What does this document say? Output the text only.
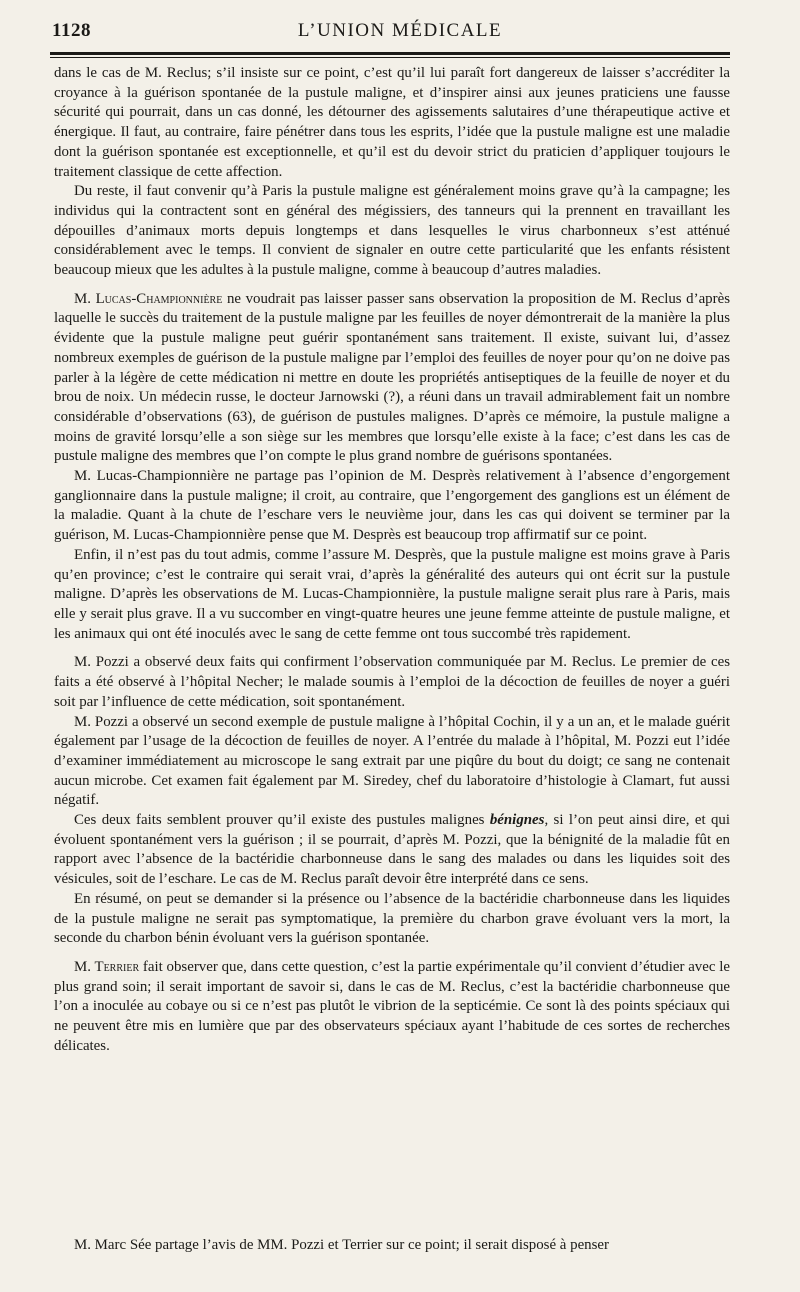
1128	L’UNION MÉDICALE

dans le cas de M. Reclus; s’il insiste sur ce point, c’est qu’il lui paraît fort dangereux de laisser s’accréditer la croyance à la guérison spontanée de la pustule maligne, et d’inspirer ainsi aux jeunes praticiens une fausse sécurité qui pourrait, dans un cas donné, les détourner des agissements salutaires d’une thérapeutique active et énergique. Il faut, au contraire, faire pénétrer dans tous les esprits, l’idée que la pustule maligne est une maladie dont la guérison spontanée est exceptionnelle, et qu’il est du devoir strict du praticien d’appliquer toujours le traitement classique de cette affection.

Du reste, il faut convenir qu’à Paris la pustule maligne est généralement moins grave qu’à la campagne; les individus qui la contractent sont en général des mégissiers, des tanneurs qui la prennent en travaillant les dépouilles d’animaux morts depuis longtemps et dans lesquelles le virus charbonneux s’est atténué considérablement avec le temps. Il convient de signaler en outre cette particularité que les enfants résistent beaucoup mieux que les adultes à la pustule maligne, comme à beaucoup d’autres maladies.

M. Lucas-Championnière ne voudrait pas laisser passer sans observation la proposition de M. Reclus d’après laquelle le succès du traitement de la pustule maligne par les feuilles de noyer démontrerait de la manière la plus évidente que la pustule maligne peut guérir spontanément sans traitement. Il existe, suivant lui, d’assez nombreux exemples de guérison de la pustule maligne par l’emploi des feuilles de noyer pour qu’on ne doive pas parler à la légère de cette médication ni mettre en doute les propriétés antiseptiques de la feuille de noyer et du brou de noix. Un médecin russe, le docteur Jarnowski (?), a réuni dans un travail admirablement fait un nombre considérable d’observations (63), de guérison de pustules malignes. D’après ce mémoire, la pustule maligne a moins de gravité lorsqu’elle a son siège sur les membres que lorsqu’elle existe à la face; c’est dans les cas de pustule maligne des membres que l’on compte le plus grand nombre de guérisons spontanées.

M. Lucas-Championnière ne partage pas l’opinion de M. Desprès relativement à l’absence d’engorgement ganglionnaire dans la pustule maligne; il croit, au contraire, que l’engorgement des ganglions est un élément de la maladie. Quant à la chute de l’eschare vers le neuvième jour, dans les cas qui doivent se terminer par la guérison, M. Lucas-Championnière pense que M. Desprès est beaucoup trop affirmatif sur ce point.

Enfin, il n’est pas du tout admis, comme l’assure M. Desprès, que la pustule maligne est moins grave à Paris qu’en province; c’est le contraire qui serait vrai, d’après la généralité des auteurs qui ont écrit sur la pustule maligne. D’après les observations de M. Lucas-Championnière, la pustule maligne serait plus rare à Paris, mais elle y serait plus grave. Il a vu succomber en vingt-quatre heures une jeune femme atteinte de pustule maligne, et les animaux qui ont été inoculés avec le sang de cette femme ont tous succombé très rapidement.

M. Pozzi a observé deux faits qui confirment l’observation communiquée par M. Reclus. Le premier de ces faits a été observé à l’hôpital Necher; le malade soumis à l’emploi de la décoction de feuilles de noyer a guéri soit par l’influence de cette médication, soit spontanément.

M. Pozzi a observé un second exemple de pustule maligne à l’hôpital Cochin, il y a un an, et le malade guérit également par l’usage de la décoction de feuilles de noyer. A l’entrée du malade à l’hôpital, M. Pozzi eut l’idée d’examiner immédiatement au microscope le sang extrait par une piqûre du bout du doigt; ce sang ne contenait aucun microbe. Cet examen fait également par M. Siredey, chef du laboratoire d’histologie à Clamart, fut aussi négatif.

Ces deux faits semblent prouver qu’il existe des pustules malignes bénignes, si l’on peut ainsi dire, et qui évoluent spontanément vers la guérison ; il se pourrait, d’après M. Pozzi, que la bénignité de la maladie fût en rapport avec l’absence de la bactéridie charbonneuse dans le sang des malades ou dans les liquides soit des vésicules, soit de l’eschare. Le cas de M. Reclus paraît devoir être interprété dans ce sens.

En résumé, on peut se demander si la présence ou l’absence de la bactéridie charbonneuse dans les liquides de la pustule maligne ne serait pas symptomatique, la première du charbon grave évoluant vers la mort, la seconde du charbon bénin évoluant vers la guérison spontanée.

M. Terrier fait observer que, dans cette question, c’est la partie expérimentale qu’il convient d’étudier avec le plus grand soin; il serait important de savoir si, dans le cas de M. Reclus, c’est la bactéridie charbonneuse que l’on a inoculée au cobaye ou si ce n’est pas plutôt le vibrion de la septicémie. Ce sont là des points spéciaux qui ne peuvent être mis en lumière que par des observateurs spéciaux ayant l’habitude de ces sortes de recherches délicates.

M. Marc Sée partage l’avis de MM. Pozzi et Terrier sur ce point; il serait disposé à penser
